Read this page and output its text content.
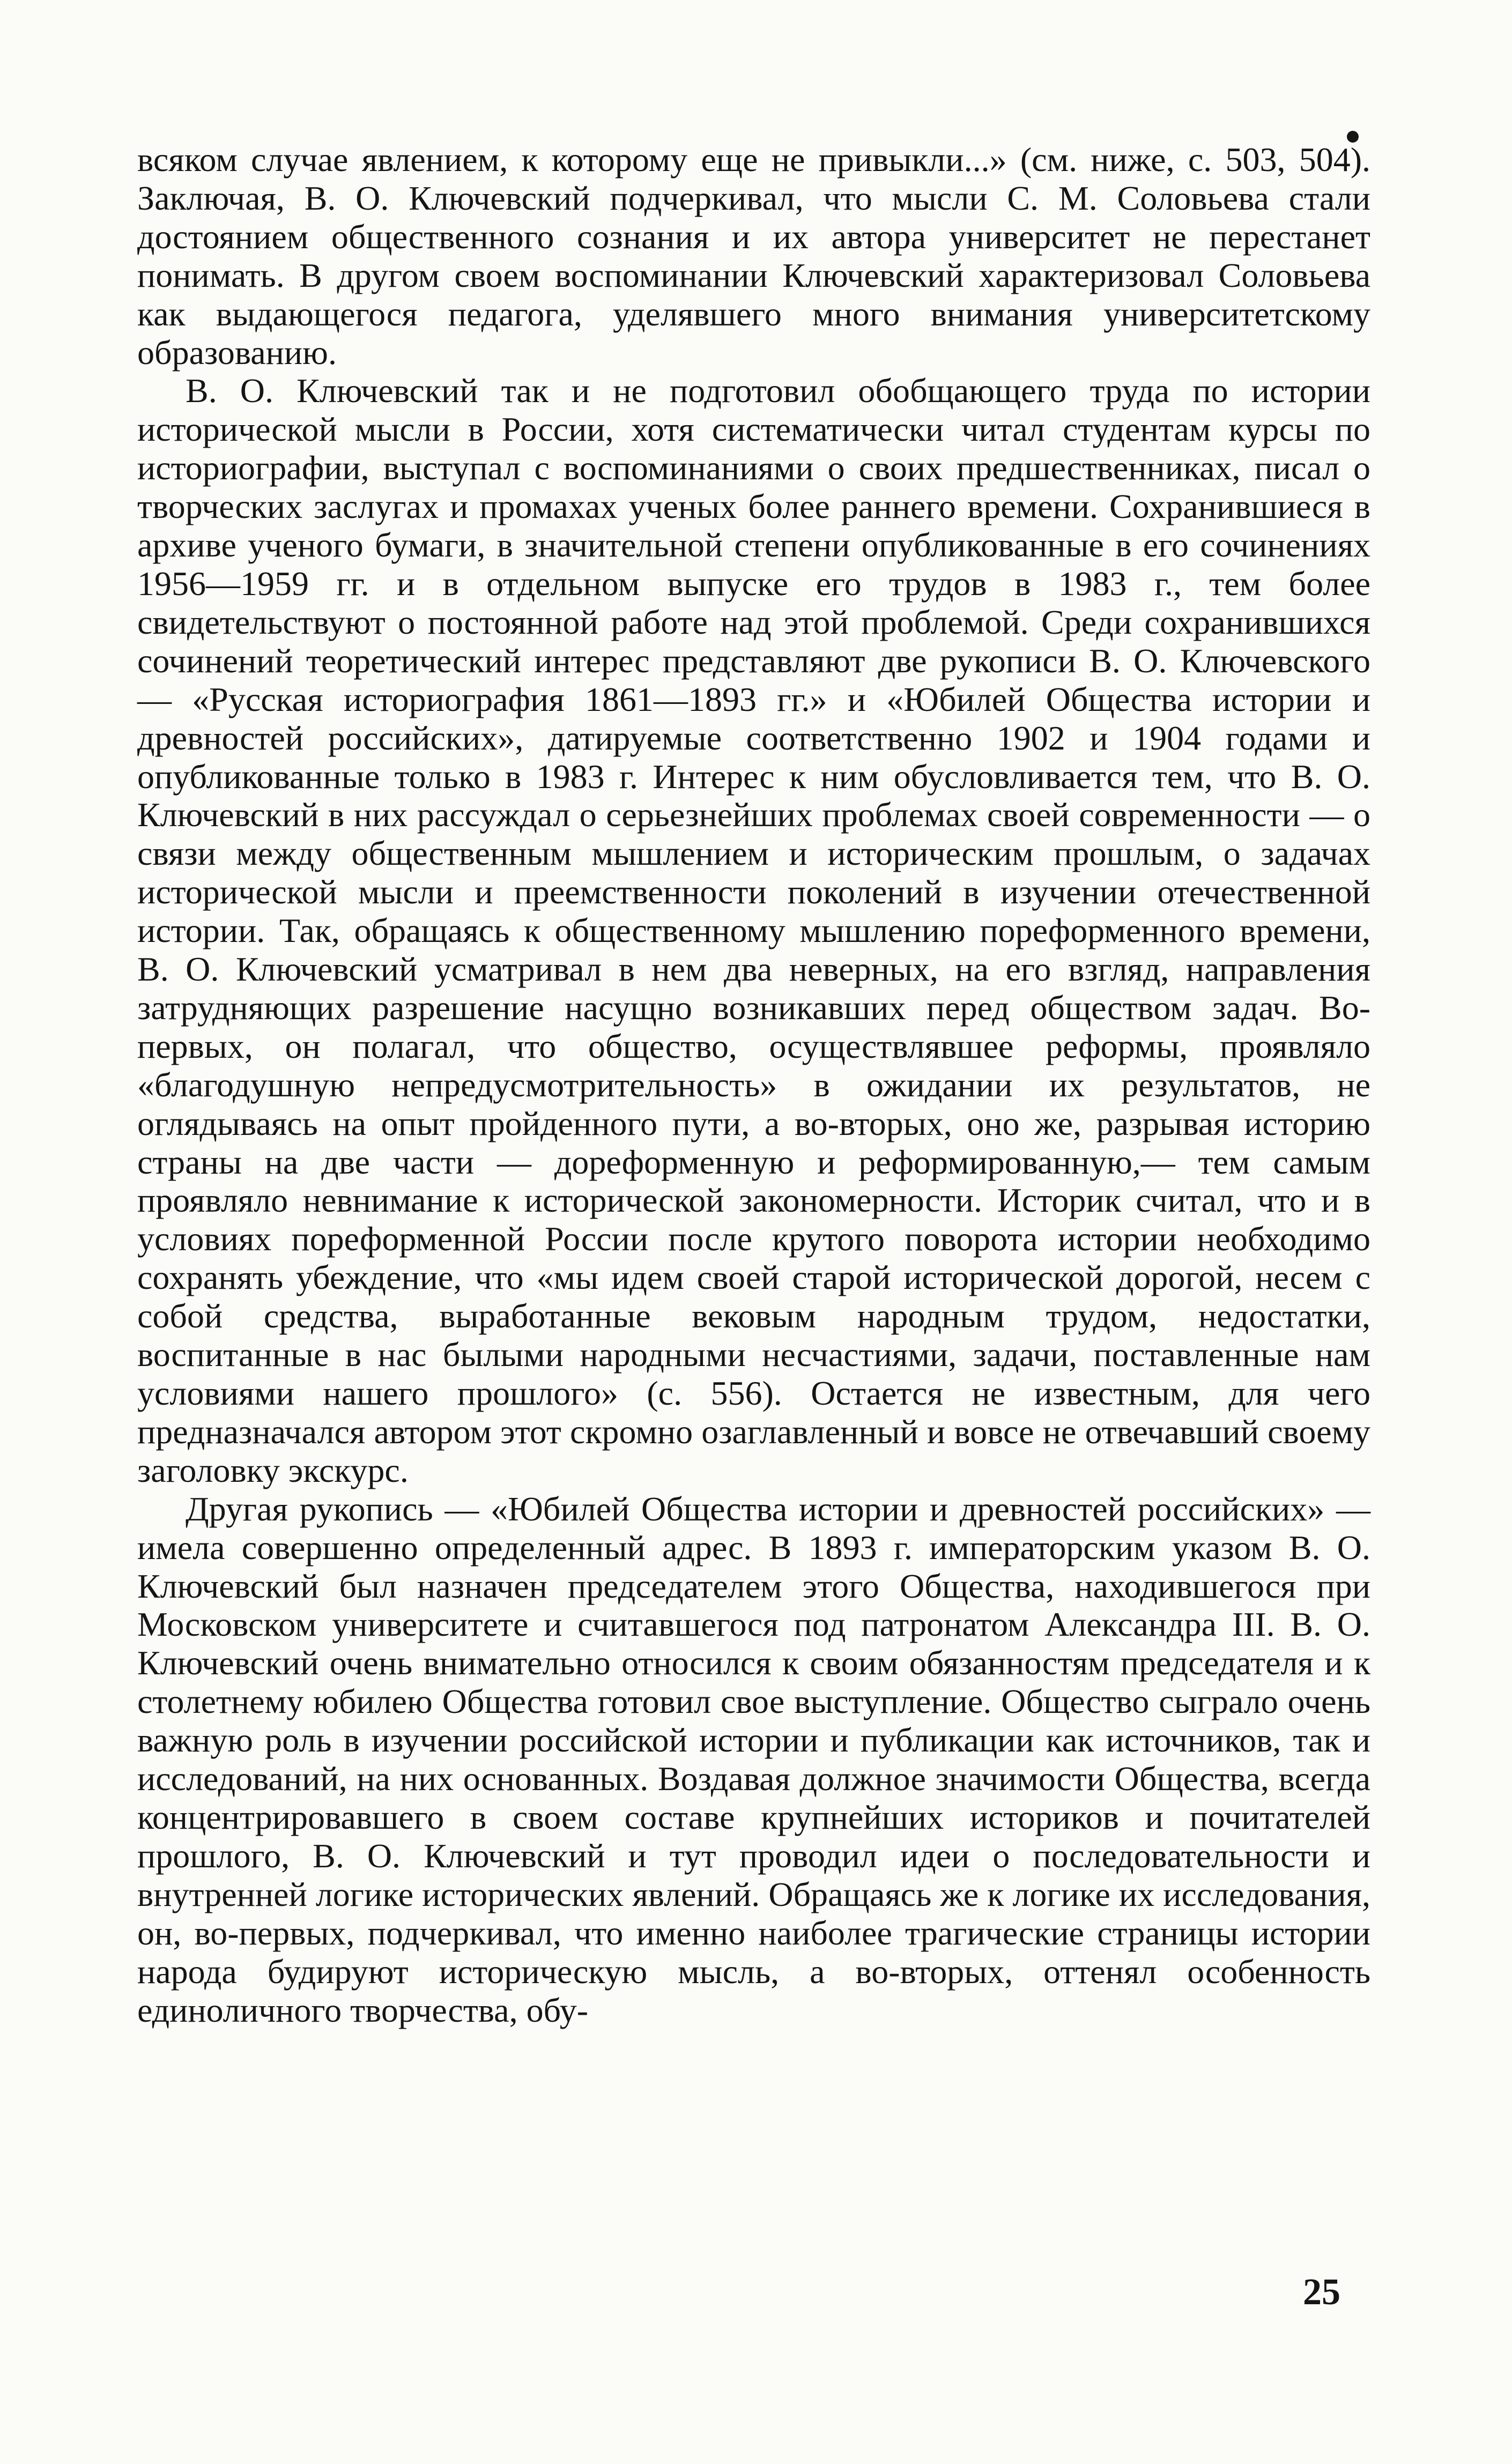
всяком случае явлением, к которому еще не привыкли...» (см. ниже, с. 503, 504). Заключая, В. О. Ключевский подчеркивал, что мысли С. М. Соловьева стали достоянием общественного сознания и их автора университет не перестанет понимать. В другом своем воспоминании Ключевский характеризовал Соловьева как выдающегося педагога, уделявшего много внимания университетскому образованию.

В. О. Ключевский так и не подготовил обобщающего труда по истории исторической мысли в России, хотя систематически читал студентам курсы по историографии, выступал с воспоминаниями о своих предшественниках, писал о творческих заслугах и промахах ученых более раннего времени. Сохранившиеся в архиве ученого бумаги, в значительной степени опубликованные в его сочинениях 1956—1959 гг. и в отдельном выпуске его трудов в 1983 г., тем более свидетельствуют о постоянной работе над этой проблемой. Среди сохранившихся сочинений теоретический интерес представляют две рукописи В. О. Ключевского — «Русская историография 1861—1893 гг.» и «Юбилей Общества истории и древностей российских», датируемые соответственно 1902 и 1904 годами и опубликованные только в 1983 г. Интерес к ним обусловливается тем, что В. О. Ключевский в них рассуждал о серьезнейших проблемах своей современности — о связи между общественным мышлением и историческим прошлым, о задачах исторической мысли и преемственности поколений в изучении отечественной истории. Так, обращаясь к общественному мышлению пореформенного времени, В. О. Ключевский усматривал в нем два неверных, на его взгляд, направления затрудняющих разрешение насущно возникавших перед обществом задач. Во-первых, он полагал, что общество, осуществлявшее реформы, проявляло «благодушную непредусмотрительность» в ожидании их результатов, не оглядываясь на опыт пройденного пути, а во-вторых, оно же, разрывая историю страны на две части — дореформенную и реформированную,— тем самым проявляло невнимание к исторической закономерности. Историк считал, что и в условиях пореформенной России после крутого поворота истории необходимо сохранять убеждение, что «мы идем своей старой исторической дорогой, несем с собой средства, выработанные вековым народным трудом, недостатки, воспитанные в нас былыми народными несчастиями, задачи, поставленные нам условиями нашего прошлого» (с. 556). Остается не известным, для чего предназначался автором этот скромно озаглавленный и вовсе не отвечавший своему заголовку экскурс.

Другая рукопись — «Юбилей Общества истории и древностей российских» — имела совершенно определенный адрес. В 1893 г. императорским указом В. О. Ключевский был назначен председателем этого Общества, находившегося при Московском университете и считавшегося под патронатом Александра III. В. О. Ключевский очень внимательно относился к своим обязанностям председателя и к столетнему юбилею Общества готовил свое выступление. Общество сыграло очень важную роль в изучении российской истории и публикации как источников, так и исследований, на них основанных. Воздавая должное значимости Общества, всегда концентрировавшего в своем составе крупнейших историков и почитателей прошлого, В. О. Ключевский и тут проводил идеи о последовательности и внутренней логике исторических явлений. Обращаясь же к логике их исследования, он, во-первых, подчеркивал, что именно наиболее трагические страницы истории народа будируют историческую мысль, а во-вторых, оттенял особенность единоличного творчества, обу-

25
